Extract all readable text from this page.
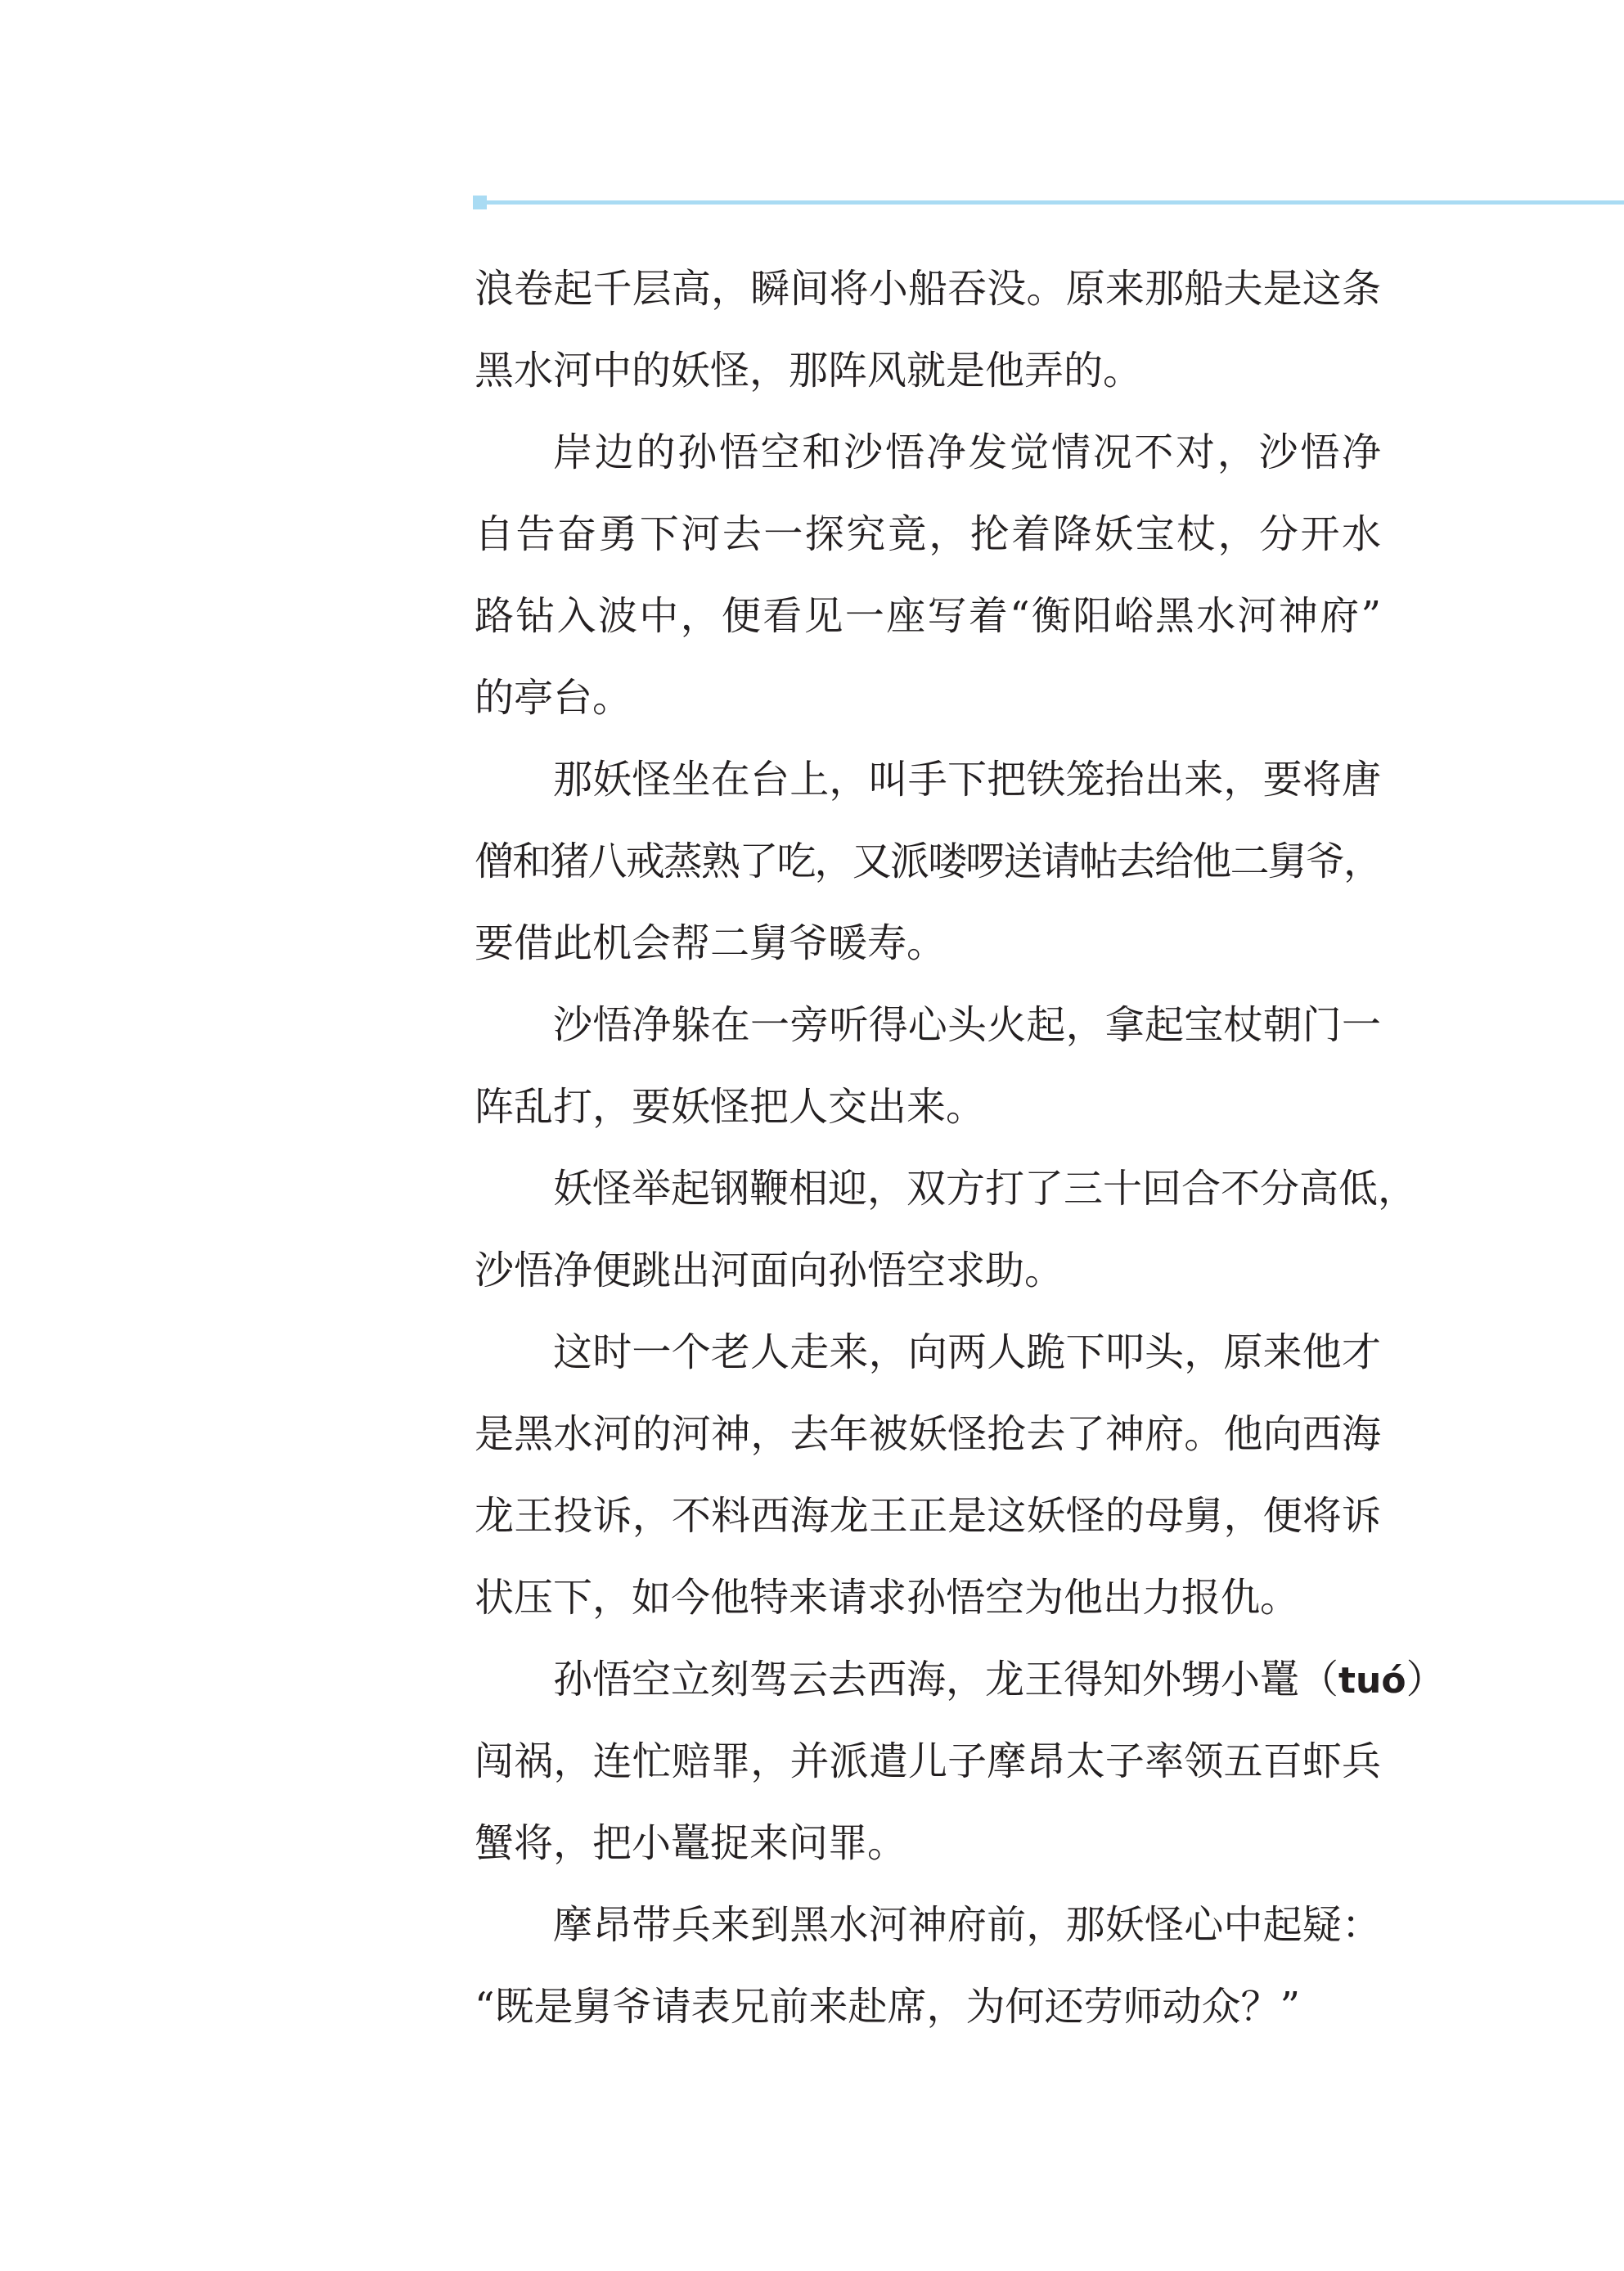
浪卷起千层高，瞬间将小船吞没。原来那船夫是这条
黑水河中的妖怪，那阵风就是他弄的。
岸边的孙悟空和沙悟净发觉情况不对，沙悟净
自告奋勇下河去一探究竟，抡着降妖宝杖，分开水
路钻入波中，便看见一座写着“衡阳峪黑水河神府”
的亭台。
那妖怪坐在台上，叫手下把铁笼抬出来，要将唐
僧和猪八戒蒸熟了吃，又派喽啰送请帖去给他二舅爷，
要借此机会帮二舅爷暖寿。
沙悟净躲在一旁听得心头火起，拿起宝杖朝门一
阵乱打，要妖怪把人交出来。
妖怪举起钢鞭相迎，双方打了三十回合不分高低，
沙悟净便跳出河面向孙悟空求助。
这时一个老人走来，向两人跪下叩头，原来他才
是黑水河的河神，去年被妖怪抢去了神府。他向西海
龙王投诉，不料西海龙王正是这妖怪的母舅，便将诉
状压下，如今他特来请求孙悟空为他出力报仇。
孙悟空立刻驾云去西海，龙王得知外甥小鼍（tuó）
闯祸，连忙赔罪，并派遣儿子摩昂太子率领五百虾兵
蟹将，把小鼍捉来问罪。
摩昂带兵来到黑水河神府前，那妖怪心中起疑：
“既是舅爷请表兄前来赴席，为何还劳师动众？”
